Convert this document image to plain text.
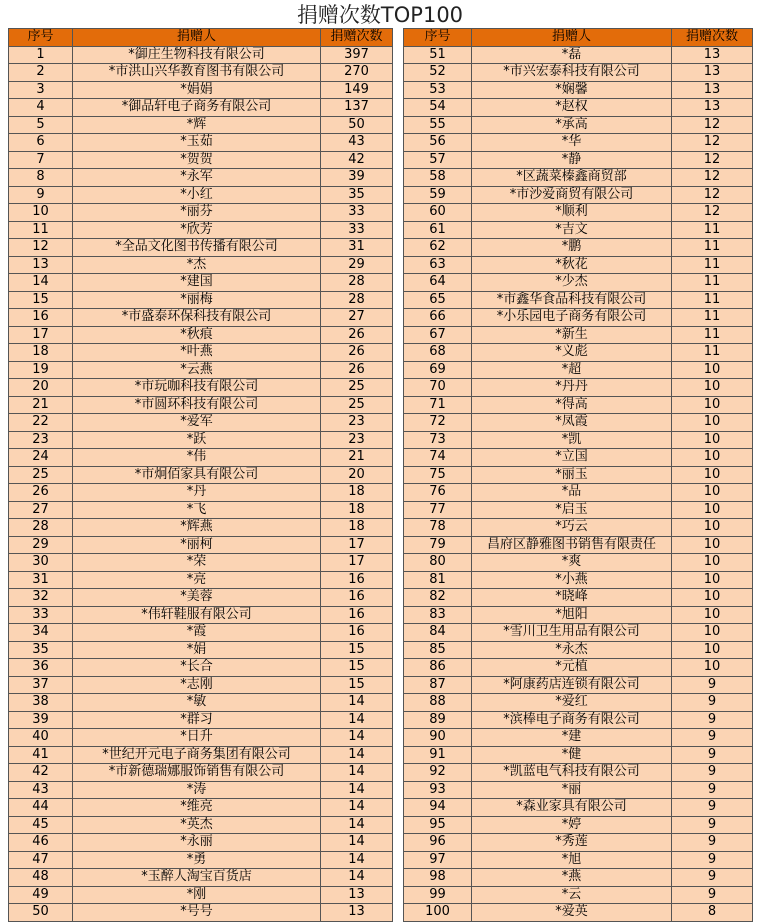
捐赠次数TOP100
序号	捐赠人	捐赠次数
1	*御庄生物科技有限公司	397
2	*市洪山兴华教育图书有限公司	270
3	*娟娟	149
4	*御品轩电子商务有限公司	137
5	*辉	50
6	*玉茹	43
7	*贺贺	42
8	*永军	39
9	*小红	35
10	*丽芬	33
11	*欣芳	33
12	*全品文化图书传播有限公司	31
13	*杰	29
14	*建国	28
15	*丽梅	28
16	*市盛泰环保科技有限公司	27
17	*秋痕	26
18	*叶燕	26
19	*云燕	26
20	*市玩咖科技有限公司	25
21	*市圆环科技有限公司	25
22	*爱军	23
23	*跃	23
24	*伟	21
25	*市炯佰家具有限公司	20
26	*丹	18
27	*飞	18
28	*辉燕	18
29	*丽柯	17
30	*荣	17
31	*亮	16
32	*美蓉	16
33	*伟轩鞋服有限公司	16
34	*霞	16
35	*娟	15
36	*长合	15
37	*志刚	15
38	*敏	14
39	*群习	14
40	*日升	14
41	*世纪开元电子商务集团有限公司	14
42	*市新德瑞娜服饰销售有限公司	14
43	*涛	14
44	*维亮	14
45	*英杰	14
46	*永丽	14
47	*勇	14
48	*玉醉人淘宝百货店	14
49	*刚	13
50	*号号	13
序号	捐赠人	捐赠次数
51	*磊	13
52	*市兴宏泰科技有限公司	13
53	*娴馨	13
54	*赵权	13
55	*承高	12
56	*华	12
57	*静	12
58	*区蔬菜榛鑫商贸部	12
59	*市沙爱商贸有限公司	12
60	*顺利	12
61	*吉文	11
62	*鹏	11
63	*秋花	11
64	*少杰	11
65	*市鑫华食品科技有限公司	11
66	*小乐园电子商务有限公司	11
67	*新生	11
68	*义彪	11
69	*超	10
70	*丹丹	10
71	*得高	10
72	*凤霞	10
73	*凯	10
74	*立国	10
75	*丽玉	10
76	*品	10
77	*启玉	10
78	*巧云	10
79	昌府区静雅图书销售有限责任	10
80	*爽	10
81	*小燕	10
82	*晓峰	10
83	*旭阳	10
84	*雪川卫生用品有限公司	10
85	*永杰	10
86	*元植	10
87	*阿康药店连锁有限公司	9
88	*爱红	9
89	*滨棒电子商务有限公司	9
90	*建	9
91	*健	9
92	*凯蓝电气科技有限公司	9
93	*丽	9
94	*森业家具有限公司	9
95	*婷	9
96	*秀莲	9
97	*旭	9
98	*燕	9
99	*云	9
100	*爱英	8
